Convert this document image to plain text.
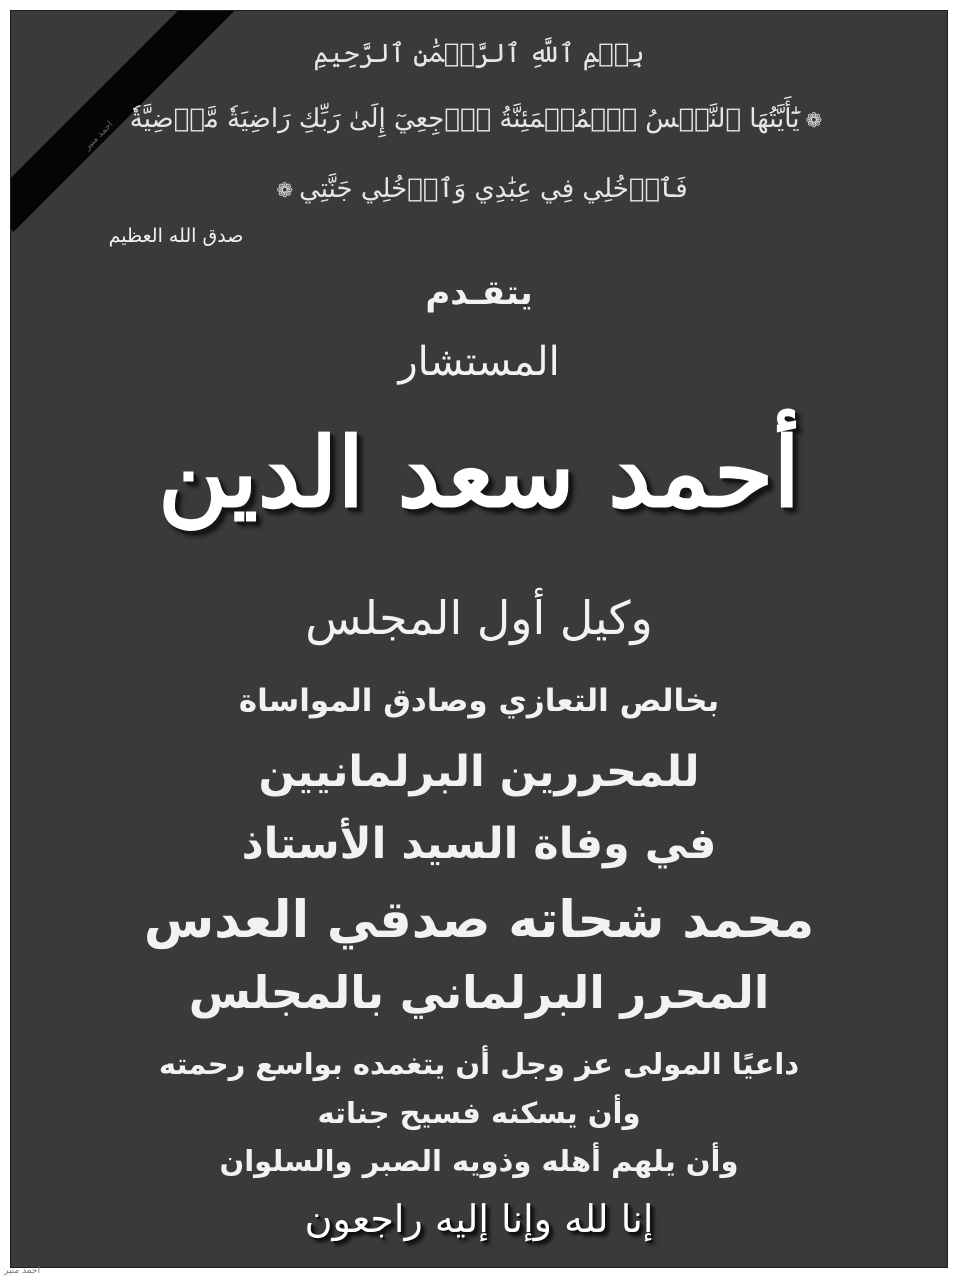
احمد منير
بِسۡمِ ٱللَّهِ ٱلرَّحۡمَٰنِ ٱلرَّحِيمِ
❁يَٰٓأَيَّتُهَا ٱلنَّفۡسُ ٱلۡمُطۡمَئِنَّةُ ٱرۡجِعِيٓ إِلَىٰ رَبِّكِ رَاضِيَةٗ مَّرۡضِيَّةٗ
فَٱدۡخُلِي فِي عِبَٰدِي وَٱدۡخُلِي جَنَّتِي❁
صدق الله العظيم
يتقـدم
المستشار
أحمد سعد الدين
وكيل أول المجلس
بخالص التعازي وصادق المواساة
للمحررين البرلمانيين
في وفاة السيد الأستاذ
محمد شحاته صدقي العدس
المحرر البرلماني بالمجلس
داعيًا المولى عز وجل أن يتغمده بواسع رحمته
وأن يسكنه فسيح جناته
وأن يلهم أهله وذويه الصبر والسلوان
إنا لله وإنا إليه راجعون
احمد منير
